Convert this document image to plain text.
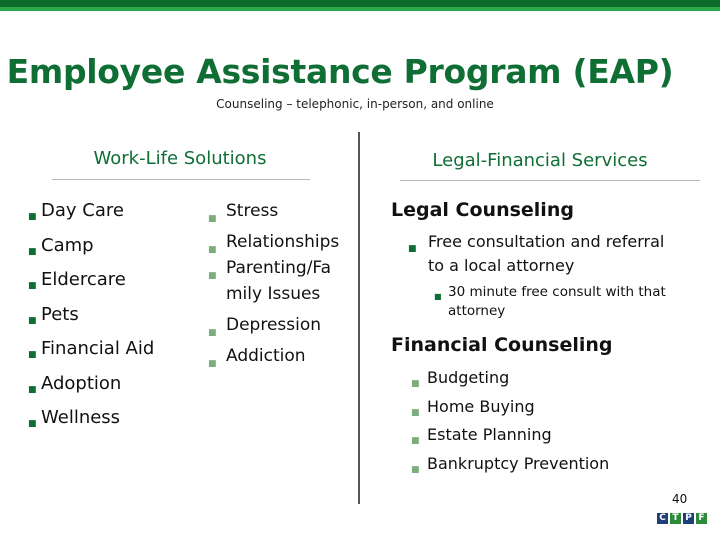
Employee Assistance Program (EAP)
Counseling – telephonic, in-person, and online
Work-Life Solutions
■ Day Care
■ Camp
■ Eldercare
■ Pets
■ Financial Aid
■ Adoption
■ Wellness
■ Stress
■ Relationships
■ Parenting/Family Issues
■ Depression
■ Addiction
Legal-Financial Services
Legal Counseling
■ Free consultation and referral to a local attorney
■ 30 minute free consult with that attorney
Financial Counseling
■ Budgeting
■ Home Buying
■ Estate Planning
■ Bankruptcy Prevention
40
C T P F
